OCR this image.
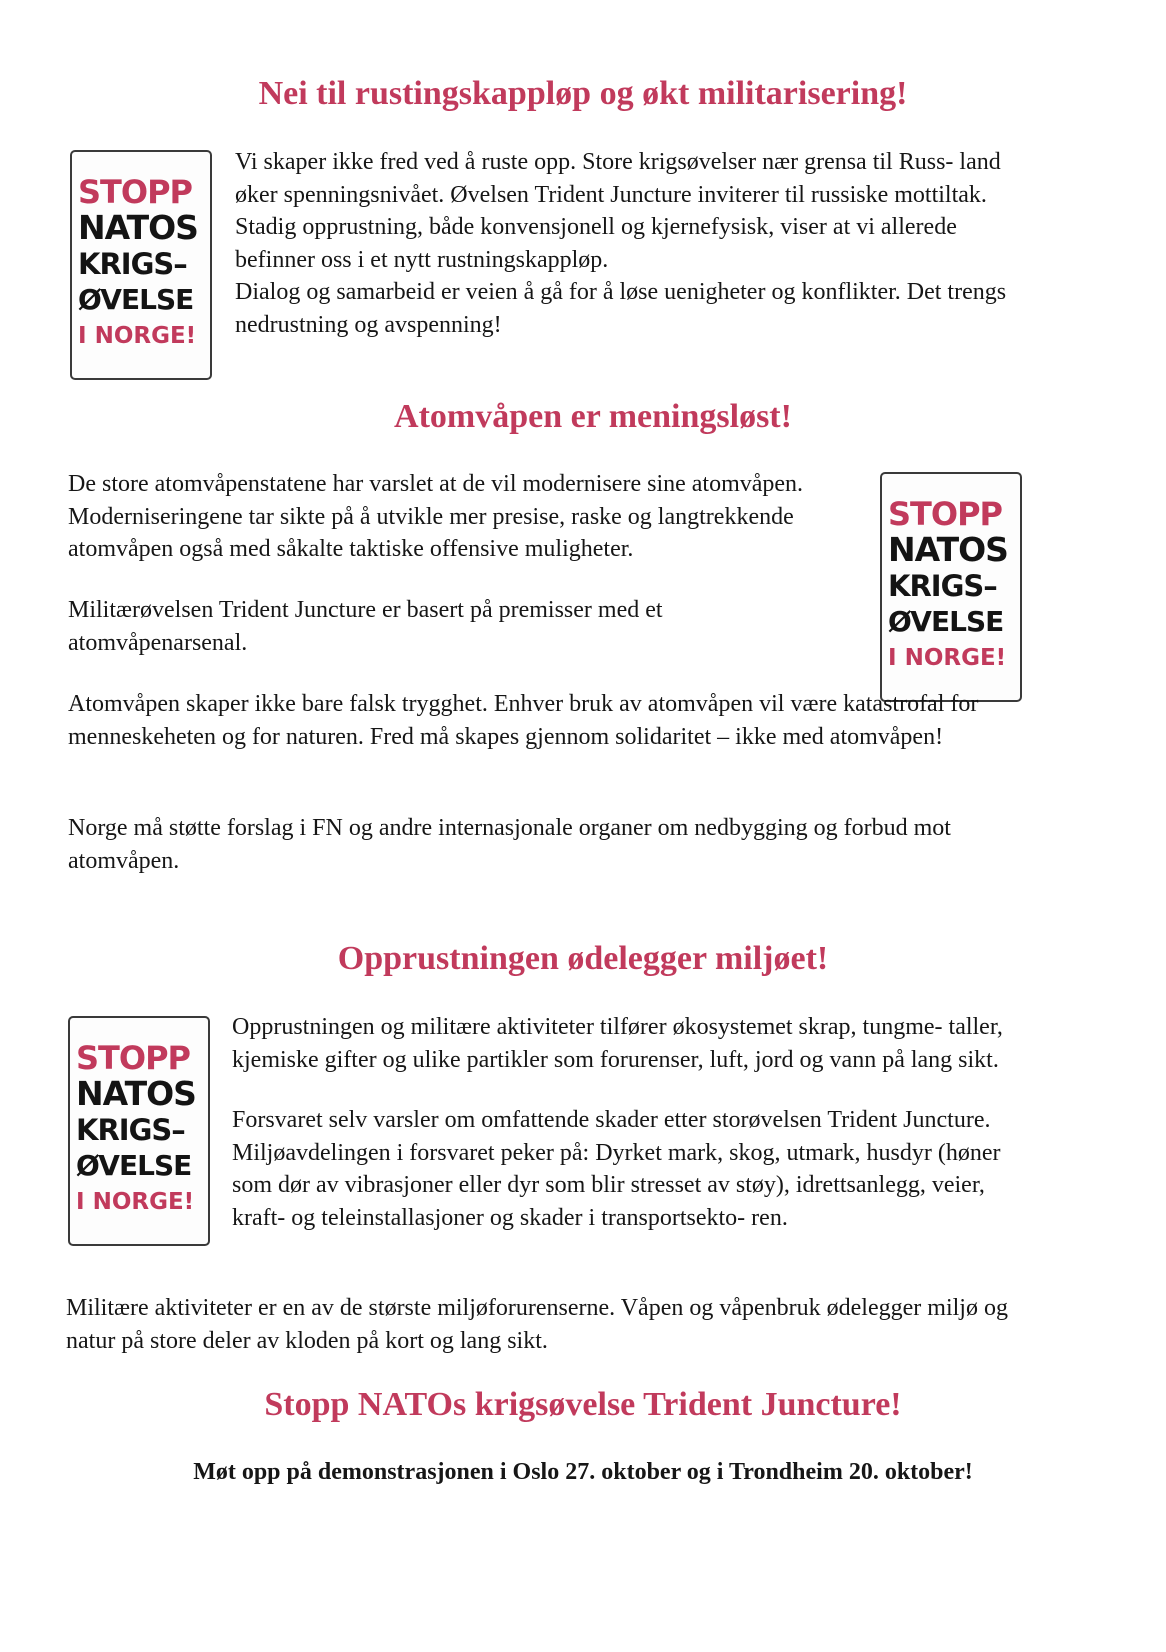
Nei til rustingskappløp og økt militarisering!
STOPP
NATOS
KRIGS–
ØVELSE
I NORGE!

Vi skaper ikke fred ved å ruste opp. Store krigsøvelser nær grensa til Russ- land øker spenningsnivået. Øvelsen Trident Juncture inviterer til russiske mottiltak. Stadig opprustning, både konvensjonell og kjernefysisk, viser at vi allerede befinner oss i et nytt rustningskappløp.

Dialog og samarbeid er veien å gå for å løse uenigheter og konflikter. Det trengs nedrustning og avspenning!

Atomvåpen er meningsløst!

De store atomvåpenstatene har varslet at de vil modernisere sine atomvåpen. Moderniseringene tar sikte på å utvikle mer presise, raske og langtrekkende atomvåpen også med såkalte taktiske offensive muligheter.

Militærøvelsen Trident Juncture er basert på premisser med et atomvåpenarsenal.

STOPP
NATOS
KRIGS–
ØVELSE
I NORGE!

Atomvåpen skaper ikke bare falsk trygghet. Enhver bruk av atomvåpen vil være katastrofal for menneskeheten og for naturen. Fred må skapes gjennom solidaritet – ikke med atomvåpen!

Norge må støtte forslag i FN og andre internasjonale organer om nedbygging og forbud mot atomvåpen.

Opprustningen ødelegger miljøet!
STOPP
NATOS
KRIGS–
ØVELSE
I NORGE!

Opprustningen og militære aktiviteter tilfører økosystemet skrap, tungme- taller, kjemiske gifter og ulike partikler som forurenser, luft, jord og vann på lang sikt.

Forsvaret selv varsler om omfattende skader etter storøvelsen Trident Juncture. Miljøavdelingen i forsvaret peker på: Dyrket mark, skog, utmark, husdyr (høner som dør av vibrasjoner eller dyr som blir stresset av støy), idrettsanlegg, veier, kraft- og teleinstallasjoner og skader i transportsekto- ren.

Militære aktiviteter er en av de største miljøforurenserne. Våpen og våpenbruk ødelegger miljø og natur på store deler av kloden på kort og lang sikt.

Stopp NATOs krigsøvelse Trident Juncture!

Møt opp på demonstrasjonen i Oslo 27. oktober og i Trondheim 20. oktober!
